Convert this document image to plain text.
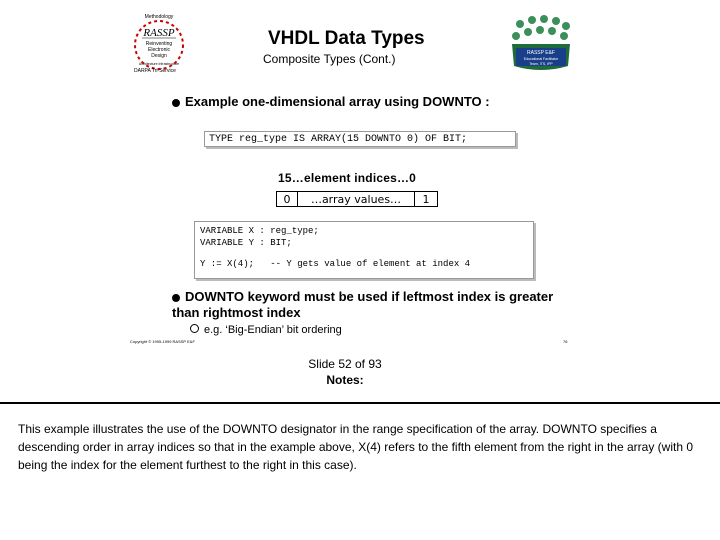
Methodology
RASSP
Reinventing
Electronic
Design
Architecture Infrastructure
DARPA Tri-Service
VHDL Data Types
Composite Types (Cont.)	RASSP E&F
Educational Facilitator
Team, ITS, IPP
Example one-dimensional array using DOWNTO :
TYPE reg_type IS ARRAY(15 DOWNTO 0) OF BIT;
15…element indices…0
0	…array values…	1
VARIABLE X : reg_type;
VARIABLE Y : BIT;
Y := X(4);   -- Y gets value of element at index 4
DOWNTO keyword must be used if leftmost index is greater than rightmost index
e.g. ‘Big-Endian’ bit ordering
Copyright © 1995-1999 RASSP E&F	76
Slide 52 of 93
Notes:
This example illustrates the use of the DOWNTO designator in the range specification of the array. DOWNTO specifies a descending order in array indices so that in the example above, X(4) refers to the fifth element from the right in the array (with 0 being the index for the element furthest to the right in this case).
